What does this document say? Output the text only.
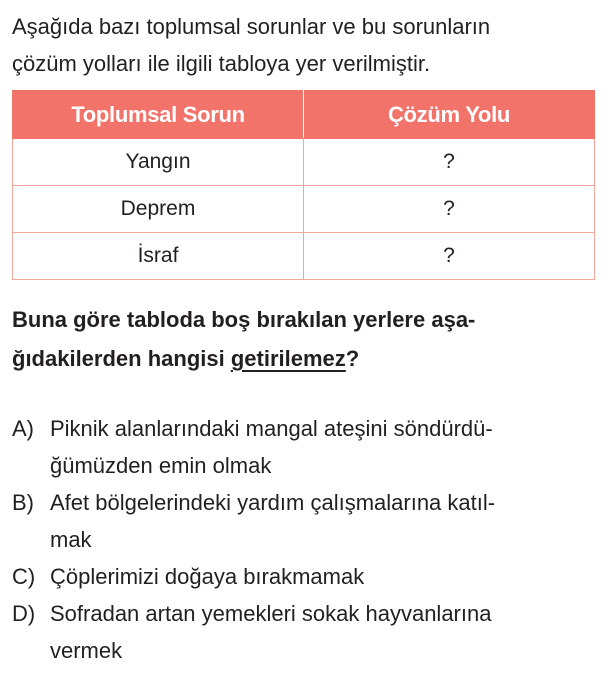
Aşağıda bazı toplumsal sorunlar ve bu sorunların
çözüm yolları ile ilgili tabloya yer verilmiştir.
Toplumsal Sorun	Çözüm Yolu
Yangın	?
Deprem	?
İsraf	?
Buna göre tabloda boş bırakılan yerlere aşa-
ğıdakilerden hangisi getirilemez?
A) Piknik alanlarındaki mangal ateşini söndürdü-
ğümüzden emin olmak
B) Afet bölgelerindeki yardım çalışmalarına katıl-
mak
C) Çöplerimizi doğaya bırakmamak
D) Sofradan artan yemekleri sokak hayvanlarına
vermek
